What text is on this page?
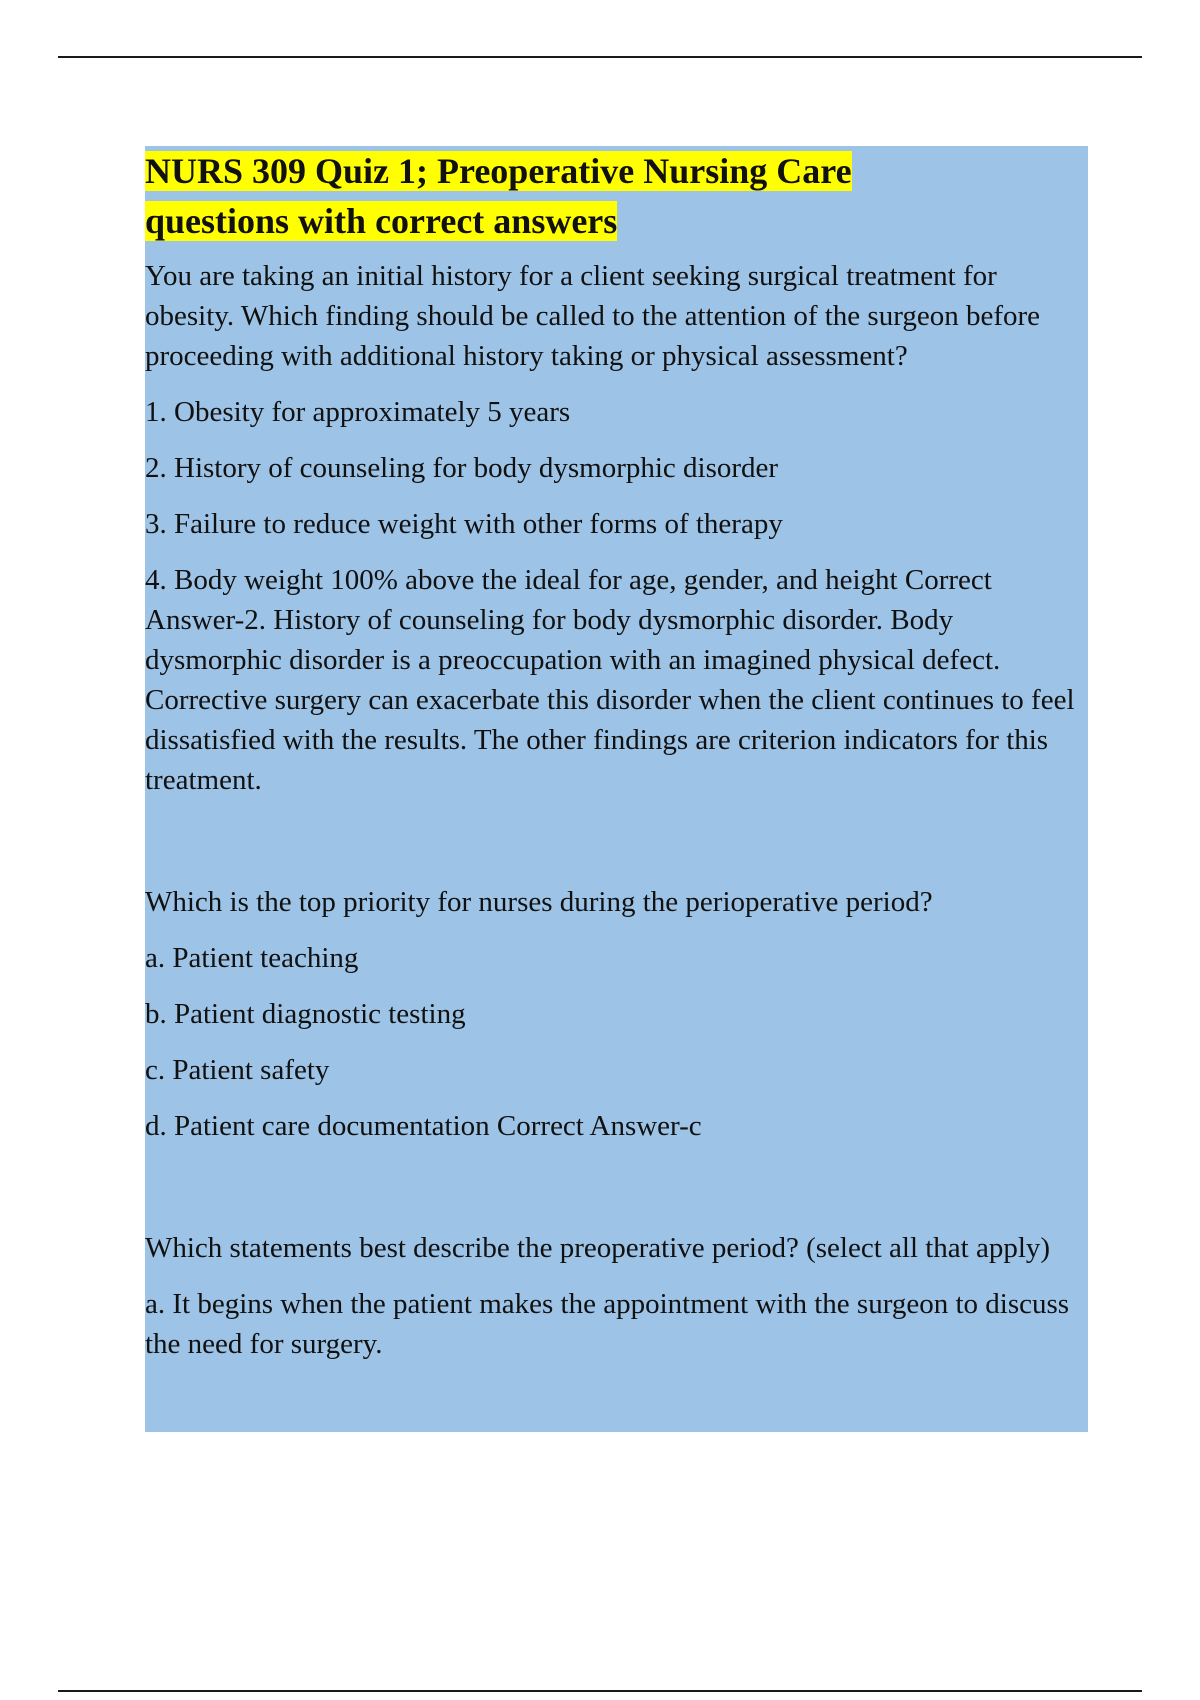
NURS 309 Quiz 1; Preoperative Nursing Care
questions with correct answers

You are taking an initial history for a client seeking surgical treatment for obesity. Which finding should be called to the attention of the surgeon before proceeding with additional history taking or physical assessment?

1. Obesity for approximately 5 years

2. History of counseling for body dysmorphic disorder

3. Failure to reduce weight with other forms of therapy

4. Body weight 100% above the ideal for age, gender, and height Correct Answer-2. History of counseling for body dysmorphic disorder. Body dysmorphic disorder is a preoccupation with an imagined physical defect. Corrective surgery can exacerbate this disorder when the client continues to feel dissatisfied with the results. The other findings are criterion indicators for this treatment.

Which is the top priority for nurses during the perioperative period?

a. Patient teaching

b. Patient diagnostic testing

c. Patient safety

d. Patient care documentation Correct Answer-c

Which statements best describe the preoperative period? (select all that apply)

a. It begins when the patient makes the appointment with the surgeon to discuss the need for surgery.
